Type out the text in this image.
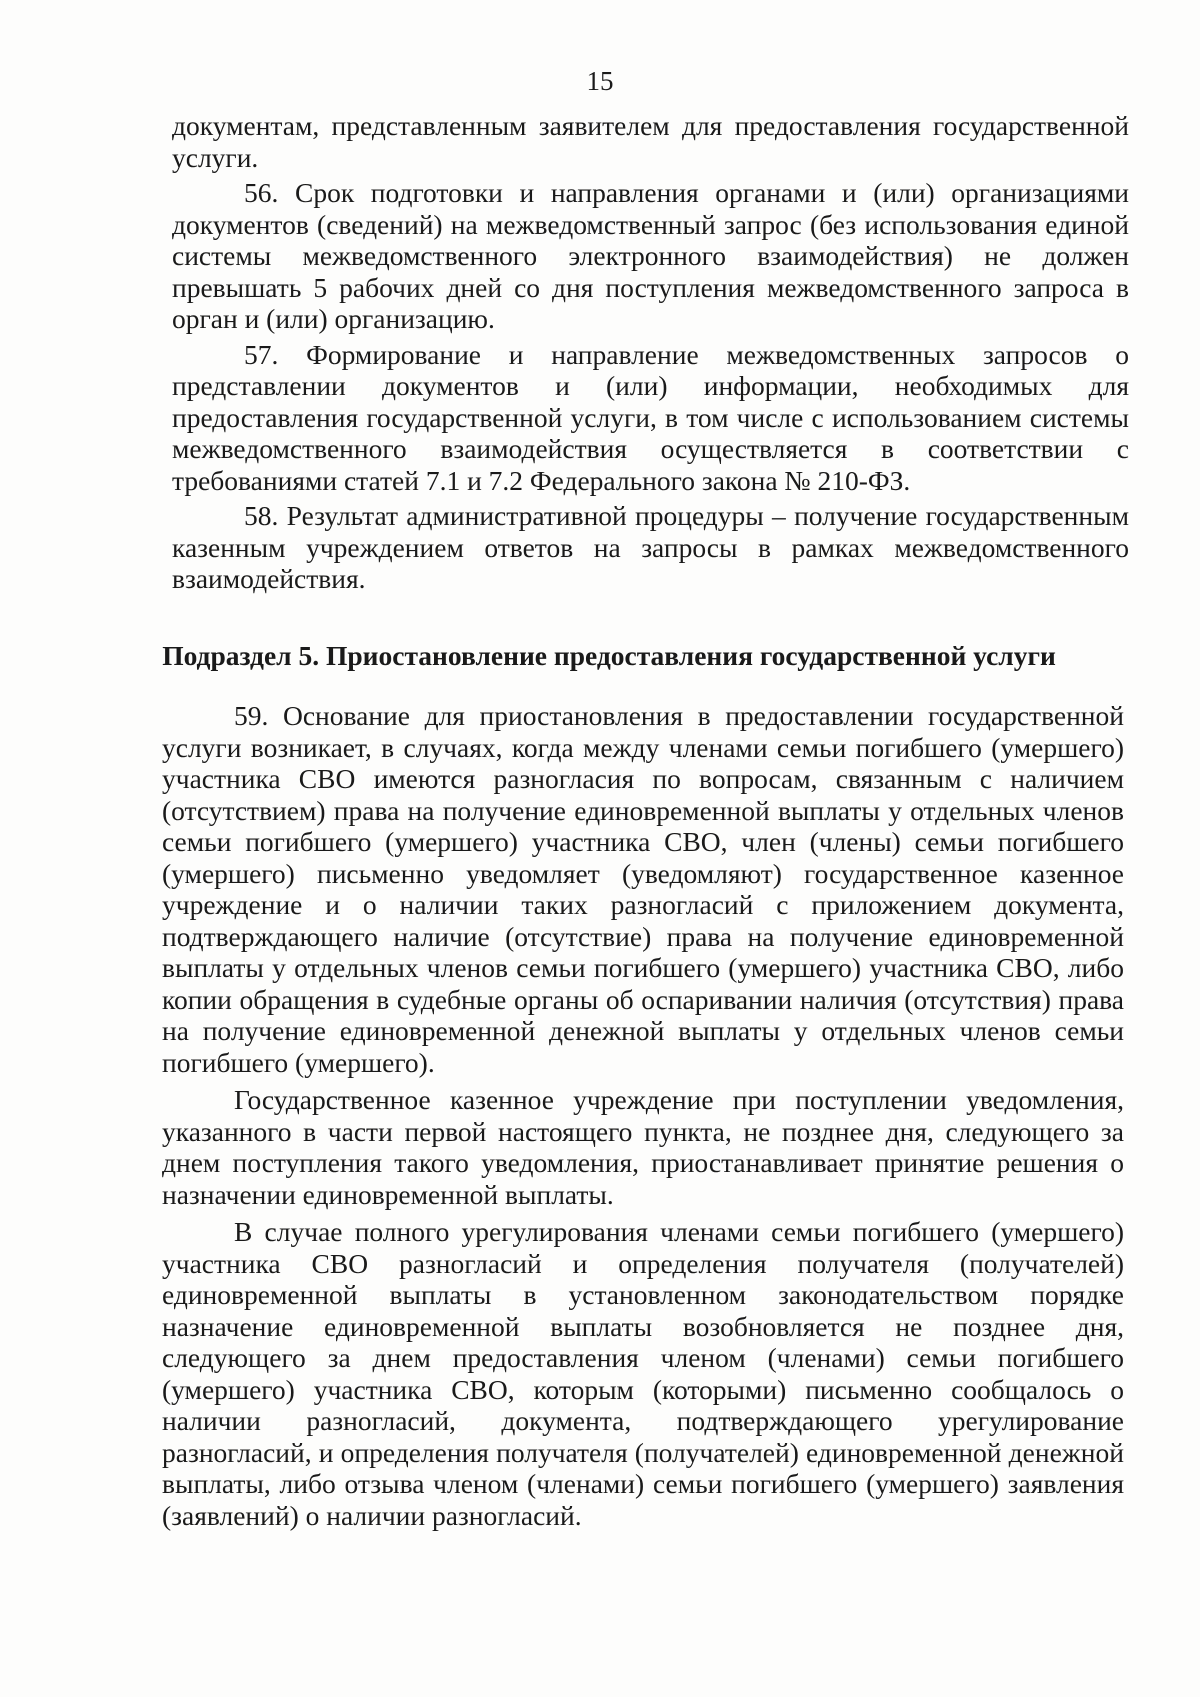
15

документам, представленным заявителем для предоставления государственной услуги.

56. Срок подготовки и направления органами и (или) организациями документов (сведений) на межведомственный запрос (без использования единой системы межведомственного электронного взаимодействия) не должен превышать 5 рабочих дней со дня поступления межведомственного запроса в орган и (или) организацию.

57. Формирование и направление межведомственных запросов о представлении документов и (или) информации, необходимых для предоставления государственной услуги, в том числе с использованием системы межведомственного взаимодействия осуществляется в соответствии с требованиями статей 7.1 и 7.2 Федерального закона № 210-ФЗ.

58. Результат административной процедуры – получение государственным казенным учреждением ответов на запросы в рамках межведомственного взаимодействия.

Подраздел 5. Приостановление предоставления государственной услуги

59. Основание для приостановления в предоставлении государственной услуги возникает, в случаях, когда между членами семьи погибшего (умершего) участника СВО имеются разногласия по вопросам, связанным с наличием (отсутствием) права на получение единовременной выплаты у отдельных членов семьи погибшего (умершего) участника СВО, член (члены) семьи погибшего (умершего) письменно уведомляет (уведомляют) государственное казенное учреждение и о наличии таких разногласий с приложением документа, подтверждающего наличие (отсутствие) права на получение единовременной выплаты у отдельных членов семьи погибшего (умершего) участника СВО, либо копии обращения в судебные органы об оспаривании наличия (отсутствия) права на получение единовременной денежной выплаты у отдельных членов семьи погибшего (умершего).

Государственное казенное учреждение при поступлении уведомления, указанного в части первой настоящего пункта, не позднее дня, следующего за днем поступления такого уведомления, приостанавливает принятие решения о назначении единовременной выплаты.

В случае полного урегулирования членами семьи погибшего (умершего) участника СВО разногласий и определения получателя (получателей) единовременной выплаты в установленном законодательством порядке назначение единовременной выплаты возобновляется не позднее дня, следующего за днем предоставления членом (членами) семьи погибшего (умершего) участника СВО, которым (которыми) письменно сообщалось о наличии разногласий, документа, подтверждающего урегулирование разногласий, и определения получателя (получателей) единовременной денежной выплаты, либо отзыва членом (членами) семьи погибшего (умершего) заявления (заявлений) о наличии разногласий.
